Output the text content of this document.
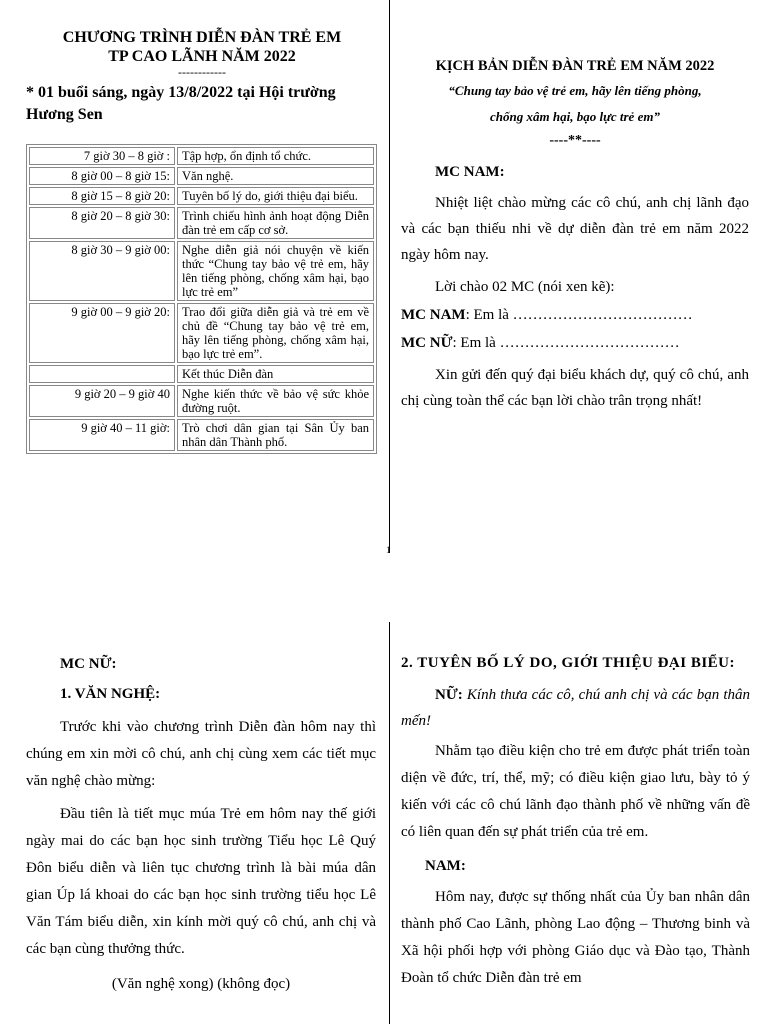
CHƯƠNG TRÌNH DIỄN ĐÀN TRẺ EM
TP CAO LÃNH NĂM 2022
------------
* 01 buổi sáng, ngày 13/8/2022 tại Hội trường Hương Sen
7 giờ 30 – 8 giờ :	Tập hợp, ổn định tổ chức.
8 giờ 00 – 8 giờ 15:	Văn nghệ.
8 giờ 15 – 8 giờ 20:	Tuyên bố lý do, giới thiệu đại biểu.
8 giờ 20 – 8 giờ 30:	Trình chiếu hình ảnh hoạt động Diễn đàn trẻ em cấp cơ sở.
8 giờ 30 – 9 giờ 00:	Nghe diễn giả nói chuyện về kiến thức “Chung tay bảo vệ trẻ em, hãy lên tiếng phòng, chống xâm hại, bạo lực trẻ em”
9 giờ 00 – 9 giờ 20:	Trao đổi giữa diễn giả và trẻ em về chủ đề “Chung tay bảo vệ trẻ em, hãy lên tiếng phòng, chống xâm hại, bạo lực trẻ em”.
	Kết thúc Diễn đàn
9 giờ 20 – 9 giờ 40	Nghe kiến thức về bảo vệ sức khỏe đường ruột.
9 giờ 40 – 11 giờ:	Trò chơi dân gian tại Sân Ủy ban nhân dân Thành phố.
KỊCH BẢN DIỄN ĐÀN TRẺ EM NĂM 2022
“Chung tay bảo vệ trẻ em, hãy lên tiếng phòng,
chống xâm hại, bạo lực trẻ em”
----**----
MC NAM:

Nhiệt liệt chào mừng các cô chú, anh chị lãnh đạo và các bạn thiếu nhi về dự diễn đàn trẻ em năm 2022 ngày hôm nay.

Lời chào 02 MC (nói xen kẽ):

MC NAM: Em là ………………………………

MC NỮ: Em là ………………………………

Xin gửi đến quý đại biểu khách dự, quý cô chú, anh chị cùng toàn thể các bạn lời chào trân trọng nhất!

1
MC NỮ:
1. VĂN NGHỆ:

Trước khi vào chương trình Diễn đàn hôm nay thì chúng em xin mời cô chú, anh chị cùng xem các tiết mục văn nghệ chào mừng:

Đầu tiên là tiết mục múa Trẻ em hôm nay thế giới ngày mai do các bạn học sinh trường Tiểu học Lê Quý Đôn biểu diễn và liên tục chương trình là bài múa dân gian Úp lá khoai do các bạn học sinh trường tiểu học Lê Văn Tám biểu diễn, xin kính mời quý cô chú, anh chị và các bạn cùng thưởng thức.

(Văn nghệ xong) (không đọc)

2. TUYÊN BỐ LÝ DO, GIỚI THIỆU ĐẠI BIỂU:

NỮ: Kính thưa các cô, chú anh chị và các bạn thân mến!

Nhằm tạo điều kiện cho trẻ em được phát triển toàn diện về đức, trí, thể, mỹ; có điều kiện giao lưu, bày tỏ ý kiến với các cô chú lãnh đạo thành phố về những vấn đề có liên quan đến sự phát triển của trẻ em.

NAM:

Hôm nay, được sự thống nhất của Ủy ban nhân dân thành phố Cao Lãnh, phòng Lao động – Thương binh và Xã hội phối hợp với phòng Giáo dục và Đào tạo, Thành Đoàn tổ chức Diễn đàn trẻ em
